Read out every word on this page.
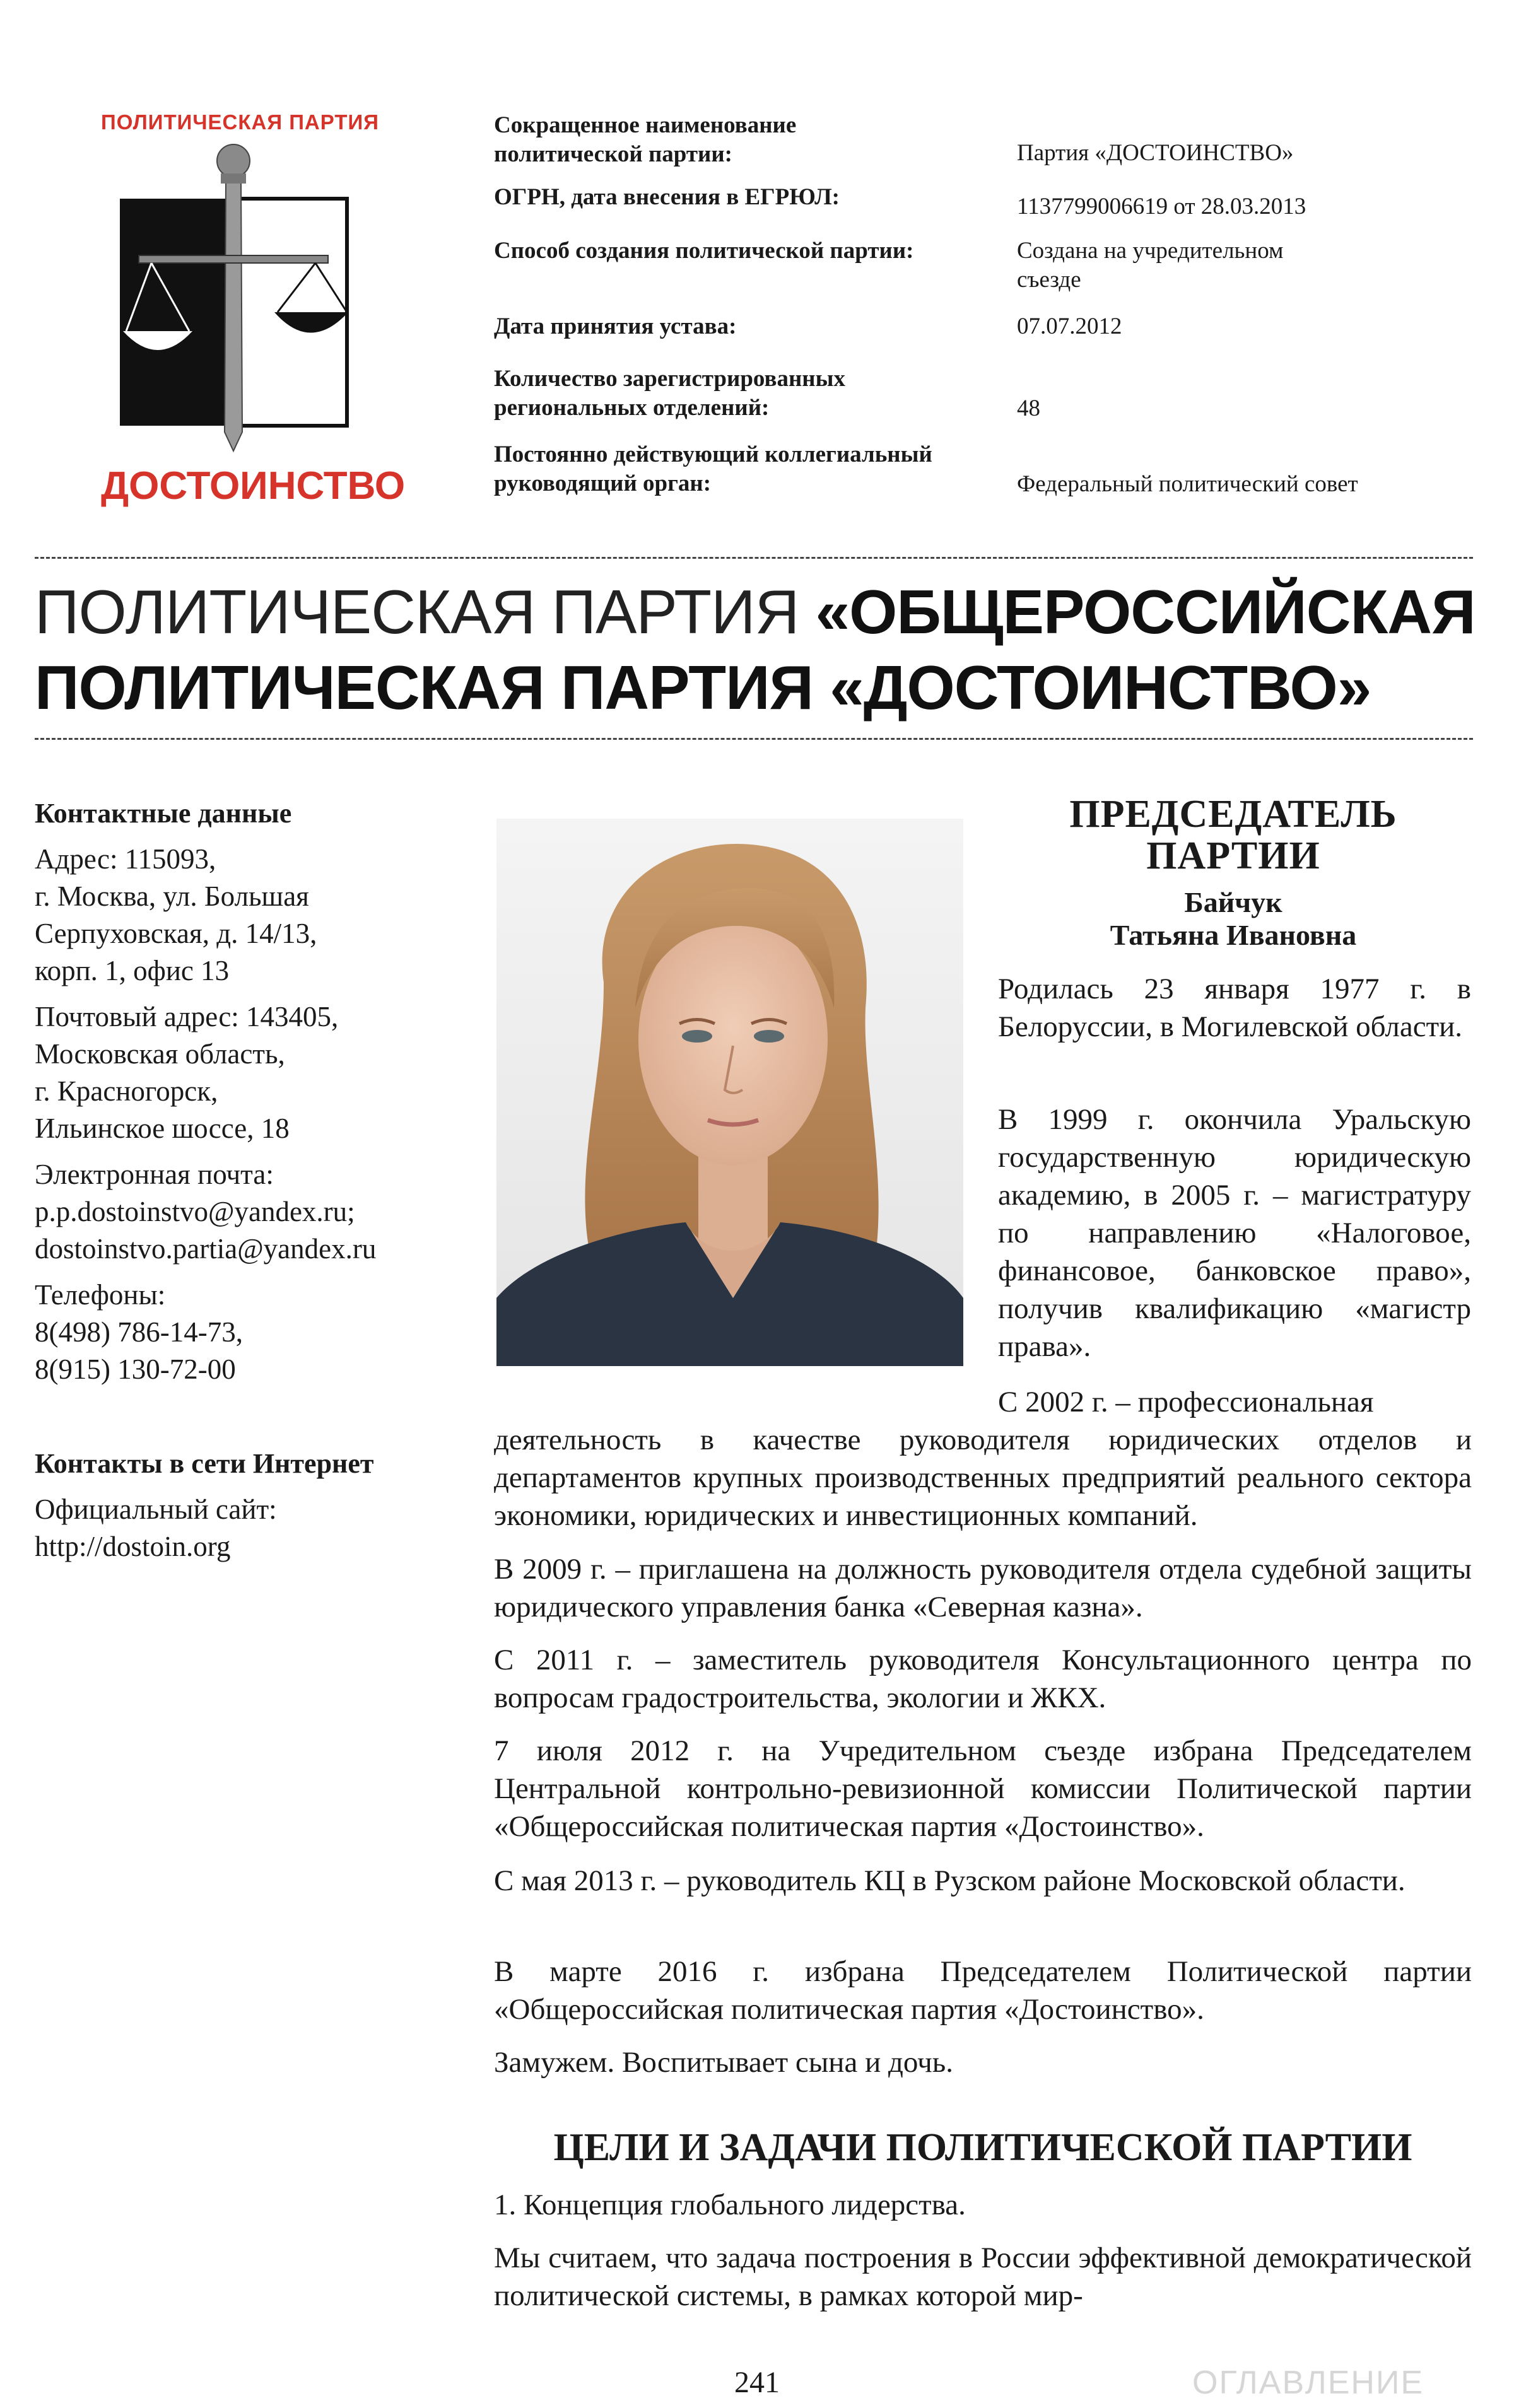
ПОЛИТИЧЕСКАЯ ПАРТИЯ
ДОСТОИНСТВО
Сокращенное наименование
политической партии:	Партия «ДОСТОИНСТВО»
ОГРН, дата внесения в ЕГРЮЛ:	1137799006619 от 28.03.2013
Способ создания политической партии:	Создана на учредительном
съезде
Дата принятия устава:	07.07.2012
Количество зарегистрированных
региональных отделений:	48
Постоянно действующий коллегиальный
руководящий орган:	Федеральный политический совет
ПОЛИТИЧЕСКАЯ ПАРТИЯ «ОБЩЕРОССИЙСКАЯ
ПОЛИТИЧЕСКАЯ ПАРТИЯ «ДОСТОИНСТВО»

Контактные данные

Адрес: 115093,

г. Москва, ул. Большая

Серпуховская, д. 14/13,

корп. 1, офис 13

Почтовый адрес: 143405,

Московская область,

г. Красногорск,

Ильинское шоссе, 18

Электронная почта:

p.p.dostoinstvo@yandex.ru;

dostoinstvo.partia@yandex.ru

Телефоны:

8(498) 786-14-73,

8(915) 130-72-00

Контакты в сети Интернет

Официальный сайт:

http://dostoin.org

ПРЕДСЕДАТЕЛЬ
ПАРТИИ
Байчук
Татьяна Ивановна

Родилась 23 января 1977 г. в Белоруссии, в Могилевской области.

В 1999 г. окончила Уральскую государственную юридическую академию, в 2005 г. – магистратуру по направлению «Налоговое, финансовое, банковское право», получив квалификацию «магистр права».

С 2002 г. – профессиональная

деятельность в качестве руководителя юридических отделов и департаментов крупных производственных предприятий реального сектора экономики, юридических и инвестиционных компаний.

В 2009 г. – приглашена на должность руководителя отдела судебной защиты юридического управления банка «Северная казна».

С 2011 г. – заместитель руководителя Консультационного центра по вопросам градостроительства, экологии и ЖКХ.

7 июля 2012 г. на Учредительном съезде избрана Председателем Центральной контрольно-ревизионной комиссии Политической партии «Общероссийская политическая партия «Достоинство».

С мая 2013 г. – руководитель КЦ в Рузском районе Московской области.

В марте 2016 г. избрана Председателем Политической партии «Общероссийская политическая партия «Достоинство».

Замужем. Воспитывает сына и дочь.

ЦЕЛИ И ЗАДАЧИ ПОЛИТИЧЕСКОЙ ПАРТИИ

1. Концепция глобального лидерства.

Мы считаем, что задача построения в России эффективной демократической политической системы, в рамках которой мир-

241	ОГЛАВЛЕНИЕ
